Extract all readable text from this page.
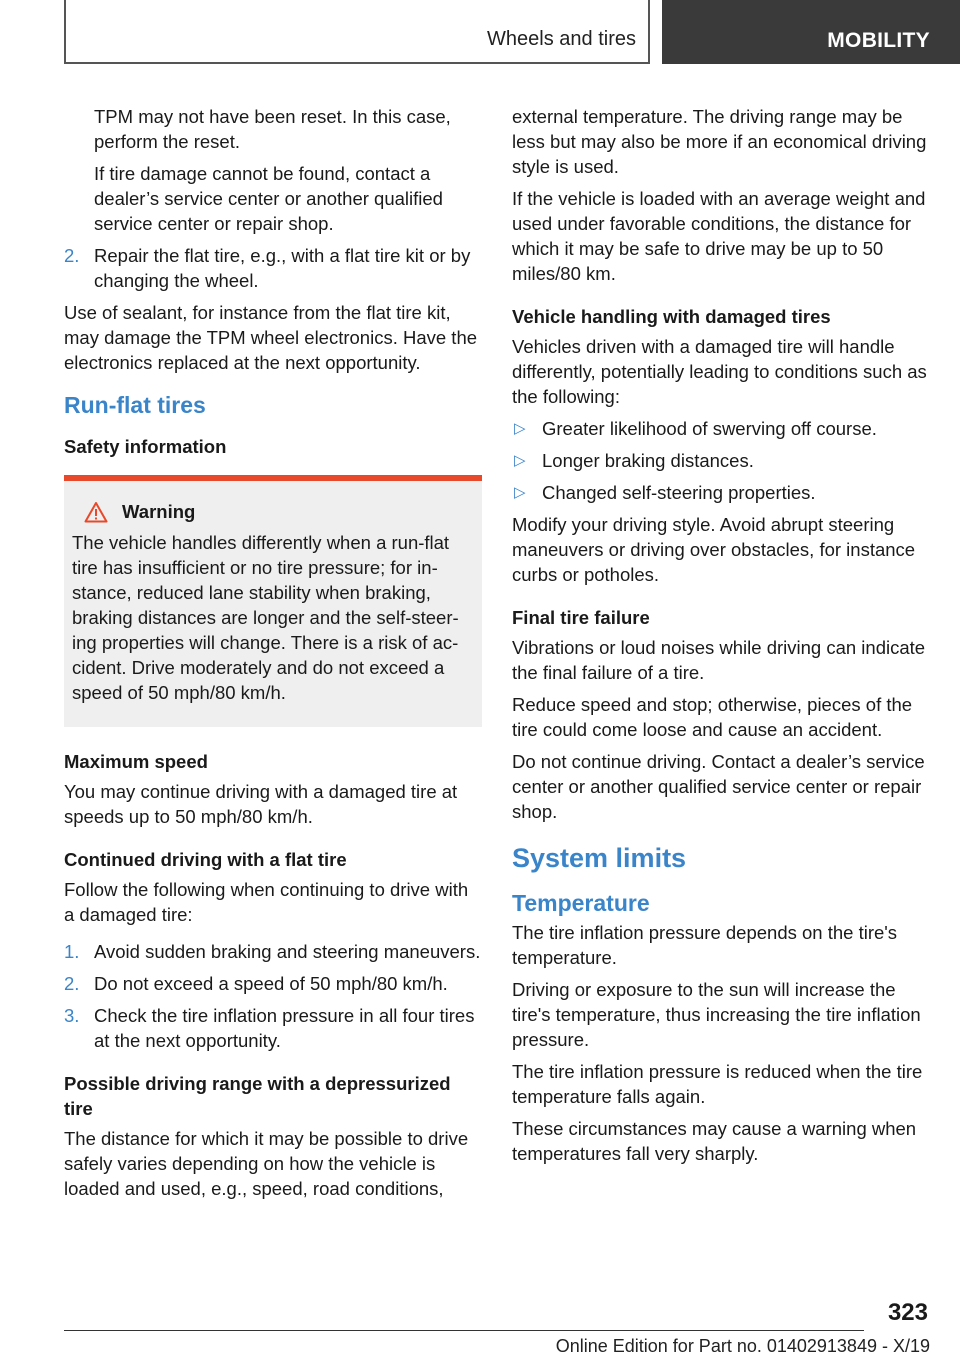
Wheels and tires	MOBILITY

TPM may not have been reset. In this case, perform the reset.

If tire damage cannot be found, contact a dealer’s service center or another qualified service center or repair shop.

2. Repair the flat tire, e.g., with a flat tire kit or by changing the wheel.

Use of sealant, for instance from the flat tire kit, may damage the TPM wheel electronics. Have the electronics replaced at the next opportunity.

Run-flat tires
Safety information
Warning
The vehicle handles differently when a run-flat tire has insufficient or no tire pressure; for instance, reduced lane stability when braking, braking distances are longer and the self-steering properties will change. There is a risk of accident. Drive moderately and do not exceed a speed of 50 mph/80 km/h.
Maximum speed

You may continue driving with a damaged tire at speeds up to 50 mph/80 km/h.

Continued driving with a flat tire

Follow the following when continuing to drive with a damaged tire:

1. Avoid sudden braking and steering maneuvers.
2. Do not exceed a speed of 50 mph/80 km/h.
3. Check the tire inflation pressure in all four tires at the next opportunity.
Possible driving range with a depressurized tire

The distance for which it may be possible to drive safely varies depending on how the vehicle is loaded and used, e.g., speed, road conditions,

external temperature. The driving range may be less but may also be more if an economical driving style is used.

If the vehicle is loaded with an average weight and used under favorable conditions, the distance for which it may be safe to drive may be up to 50 miles/80 km.

Vehicle handling with damaged tires

Vehicles driven with a damaged tire will handle differently, potentially leading to conditions such as the following:

▷ Greater likelihood of swerving off course.
▷ Longer braking distances.
▷ Changed self-steering properties.

Modify your driving style. Avoid abrupt steering maneuvers or driving over obstacles, for instance curbs or potholes.

Final tire failure

Vibrations or loud noises while driving can indicate the final failure of a tire.

Reduce speed and stop; otherwise, pieces of the tire could come loose and cause an accident.

Do not continue driving. Contact a dealer’s service center or another qualified service center or repair shop.

System limits
Temperature

The tire inflation pressure depends on the tire's temperature.

Driving or exposure to the sun will increase the tire's temperature, thus increasing the tire inflation pressure.

The tire inflation pressure is reduced when the tire temperature falls again.

These circumstances may cause a warning when temperatures fall very sharply.

323
Online Edition for Part no. 01402913849 - X/19
